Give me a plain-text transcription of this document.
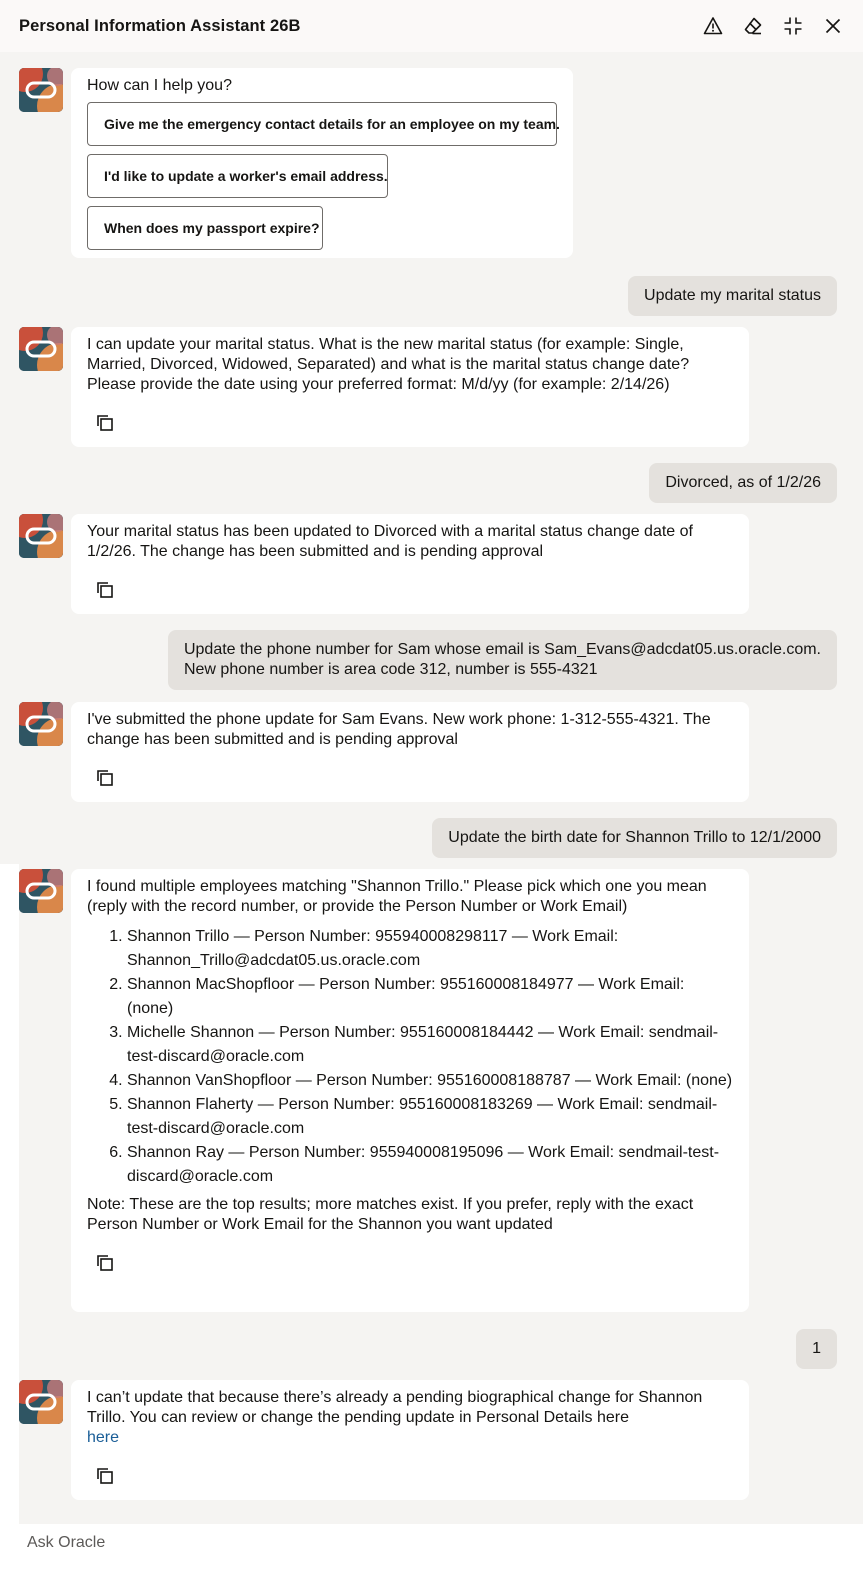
Personal Information Assistant 26B

How can I help you?

Give me the emergency contact details for an employee on my team.
I'd like to update a worker's email address.
When does my passport expire?
Update my marital status

I can update your marital status. What is the new marital status (for example: Single,

Married, Divorced, Widowed, Separated) and what is the marital status change date?

Please provide the date using your preferred format: M/d/yy (for example: 2/14/26)

Divorced, as of 1/2/26

Your marital status has been updated to Divorced with a marital status change date of

1/2/26. The change has been submitted and is pending approval

Update the phone number for Sam whose email is Sam_Evans@adcdat05.us.oracle.com.
New phone number is area code 312, number is 555-4321

I've submitted the phone update for Sam Evans. New work phone: 1-312-555-4321. The

change has been submitted and is pending approval

Update the birth date for Shannon Trillo to 12/1/2000

I found multiple employees matching "Shannon Trillo." Please pick which one you mean

(reply with the record number, or provide the Person Number or Work Email)

1. Shannon Trillo — Person Number: 955940008298117 — Work Email: Shannon_Trillo@adcdat05.us.oracle.com
2. Shannon MacShopfloor — Person Number: 955160008184977 — Work Email: (none)
3. Michelle Shannon — Person Number: 955160008184442 — Work Email: sendmail-test-discard@oracle.com
4. Shannon VanShopfloor — Person Number: 955160008188787 — Work Email: (none)
5. Shannon Flaherty — Person Number: 955160008183269 — Work Email: sendmail-test-discard@oracle.com
6. Shannon Ray — Person Number: 955940008195096 — Work Email: sendmail-test-discard@oracle.com

Note: These are the top results; more matches exist. If you prefer, reply with the exact

Person Number or Work Email for the Shannon you want updated

1

I can’t update that because there’s already a pending biographical change for Shannon

Trillo. You can review or change the pending update in Personal Details here

here

Ask Oracle
